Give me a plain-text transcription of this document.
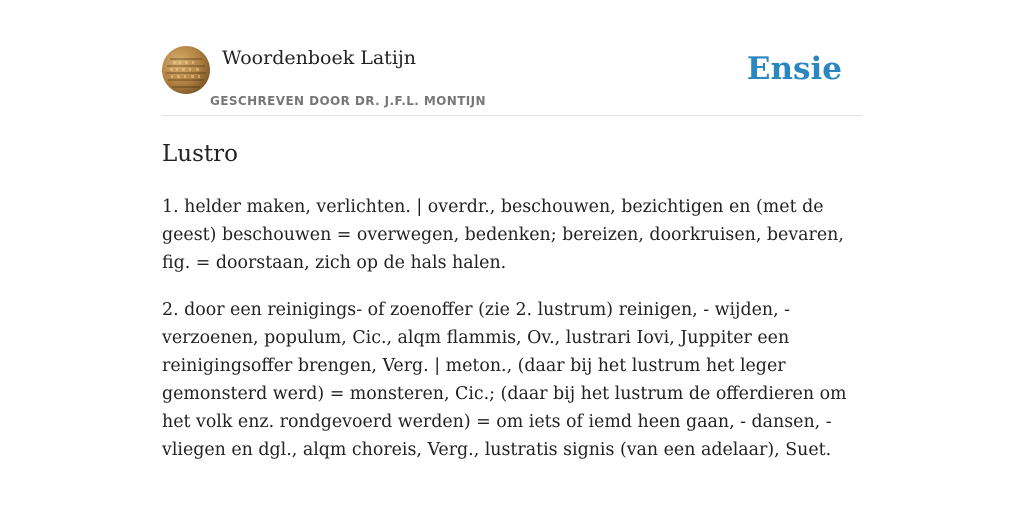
Woordenboek Latijn
GESCHREVEN DOOR DR. J.F.L. MONTIJN
Ensie
Lustro

1. helder maken, verlichten. | overdr., beschouwen, bezichtigen en (met de geest) beschouwen = overwegen, bedenken; bereizen, doorkruisen, bevaren, fig. = doorstaan, zich op de hals halen.

2. door een reinigings- of zoenoffer (zie 2. lustrum) reinigen, - wijden, - verzoenen, populum, Cic., alqm flammis, Ov., lustrari Iovi, Juppiter een reinigingsoffer brengen, Verg. | meton., (daar bij het lustrum het leger gemonsterd werd) = monsteren, Cic.; (daar bij het lustrum de offerdieren om het volk enz. rondgevoerd werden) = om iets of iemd heen gaan, - dansen, - vliegen en dgl., alqm choreis, Verg., lustratis signis (van een adelaar), Suet.
